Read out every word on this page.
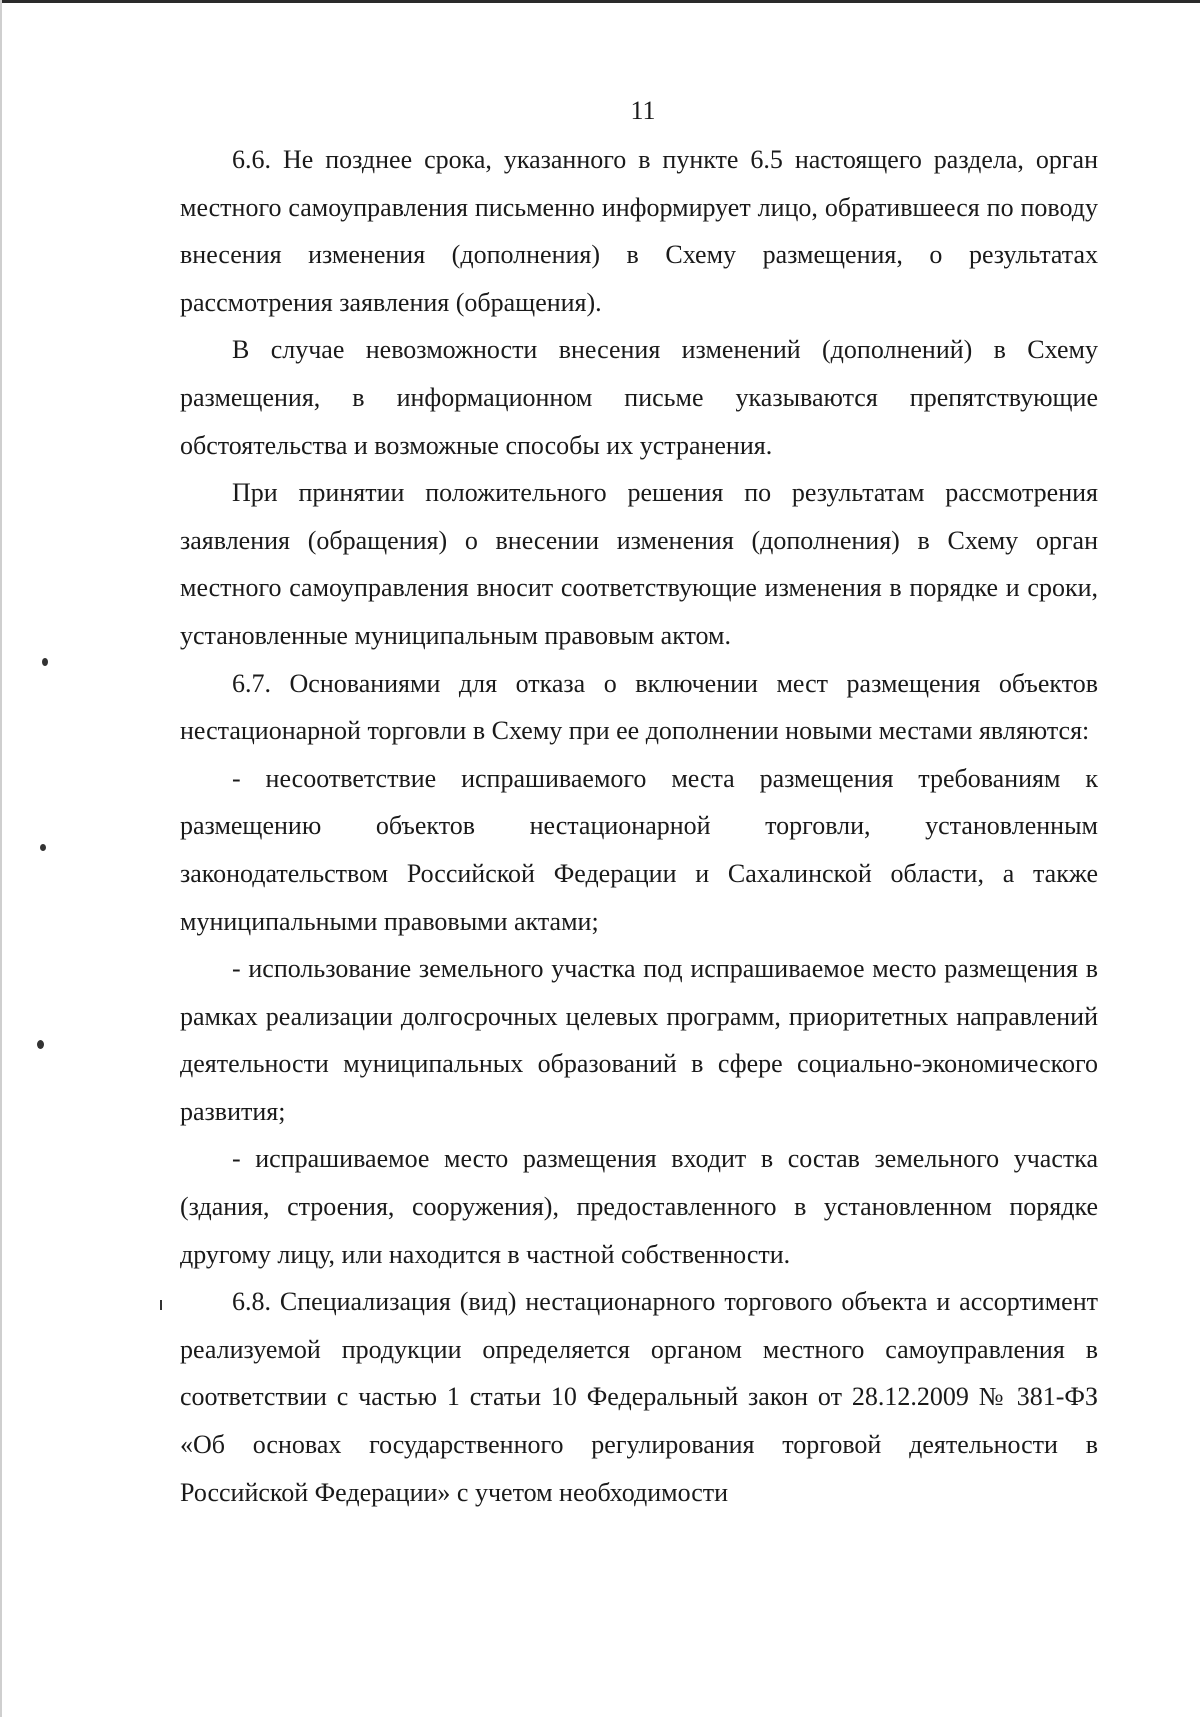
11

6.6. Не позднее срока, указанного в пункте 6.5 настоящего раздела, орган местного самоуправления письменно информирует лицо, обратившееся по поводу внесения изменения (дополнения) в Схему размещения, о результатах рассмотрения заявления (обращения).

В случае невозможности внесения изменений (дополнений) в Схему размещения, в информационном письме указываются препятствующие обстоятельства и возможные способы их устранения.

При принятии положительного решения по результатам рассмотрения заявления (обращения) о внесении изменения (дополнения) в Схему орган местного самоуправления вносит соответствующие изменения в порядке и сроки, установленные муниципальным правовым актом.

6.7. Основаниями для отказа о включении мест размещения объектов нестационарной торговли в Схему при ее дополнении новыми местами являются:

- несоответствие испрашиваемого места размещения требованиям к размещению объектов нестационарной торговли, установленным законодательством Российской Федерации и Сахалинской области, а также муниципальными правовыми актами;

- использование земельного участка под испрашиваемое место размещения в рамках реализации долгосрочных целевых программ, приоритетных направлений деятельности муниципальных образований в сфере социально-экономического развития;

- испрашиваемое место размещения входит в состав земельного участка (здания, строения, сооружения), предоставленного в установленном порядке другому лицу, или находится в частной собственности.

6.8. Специализация (вид) нестационарного торгового объекта и ассортимент реализуемой продукции определяется органом местного самоуправления в соответствии с частью 1 статьи 10 Федеральный закон от 28.12.2009 № 381-ФЗ «Об основах государственного регулирования торговой деятельности в Российской Федерации» с учетом необходимости
